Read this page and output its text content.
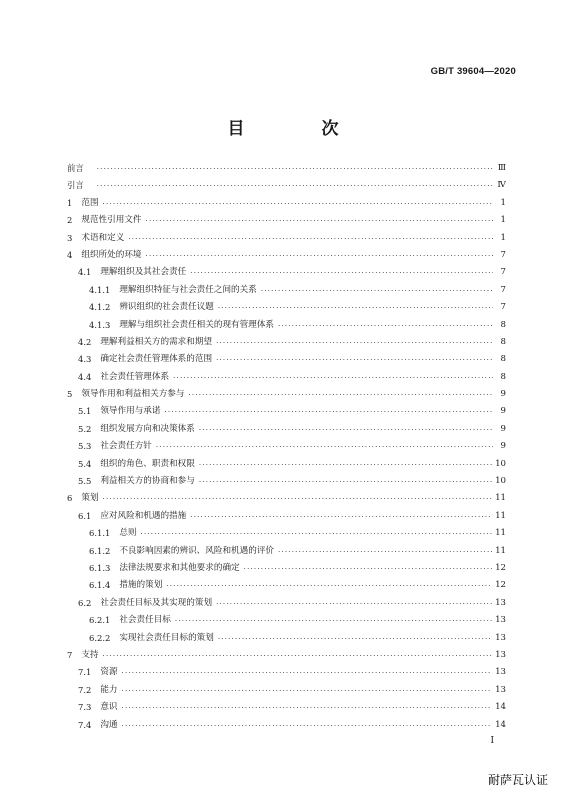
GB/T 39604—2020
目　次
前言 ·····	Ⅲ
引言 ·····	Ⅳ
1 范围 ·····	1
2 规范性引用文件 ·····	1
3 术语和定义 ·····	1
4 组织所处的环境 ·····	7
4.1 理解组织及其社会责任 ·····	7
4.1.1 理解组织特征与社会责任之间的关系 ·····	7
4.1.2 辨识组织的社会责任议题 ·····	7
4.1.3 理解与组织社会责任相关的现有管理体系 ·····	8
4.2 理解利益相关方的需求和期望 ·····	8
4.3 确定社会责任管理体系的范围 ·····	8
4.4 社会责任管理体系 ·····	8
5 领导作用和利益相关方参与 ·····	9
5.1 领导作用与承诺 ·····	9
5.2 组织发展方向和决策体系 ·····	9
5.3 社会责任方针 ·····	9
5.4 组织的角色、职责和权限 ·····	10
5.5 利益相关方的协商和参与 ·····	10
6 策划 ·····	11
6.1 应对风险和机遇的措施 ·····	11
6.1.1 总则 ·····	11
6.1.2 不良影响因素的辨识、风险和机遇的评价 ·····	11
6.1.3 法律法规要求和其他要求的确定 ·····	12
6.1.4 措施的策划 ·····	12
6.2 社会责任目标及其实现的策划 ·····	13
6.2.1 社会责任目标 ·····	13
6.2.2 实现社会责任目标的策划 ·····	13
7 支持 ·····	13
7.1 资源 ·····	13
7.2 能力 ·····	13
7.3 意识 ·····	14
7.4 沟通 ·····	14
Ⅰ
耐萨瓦认证
